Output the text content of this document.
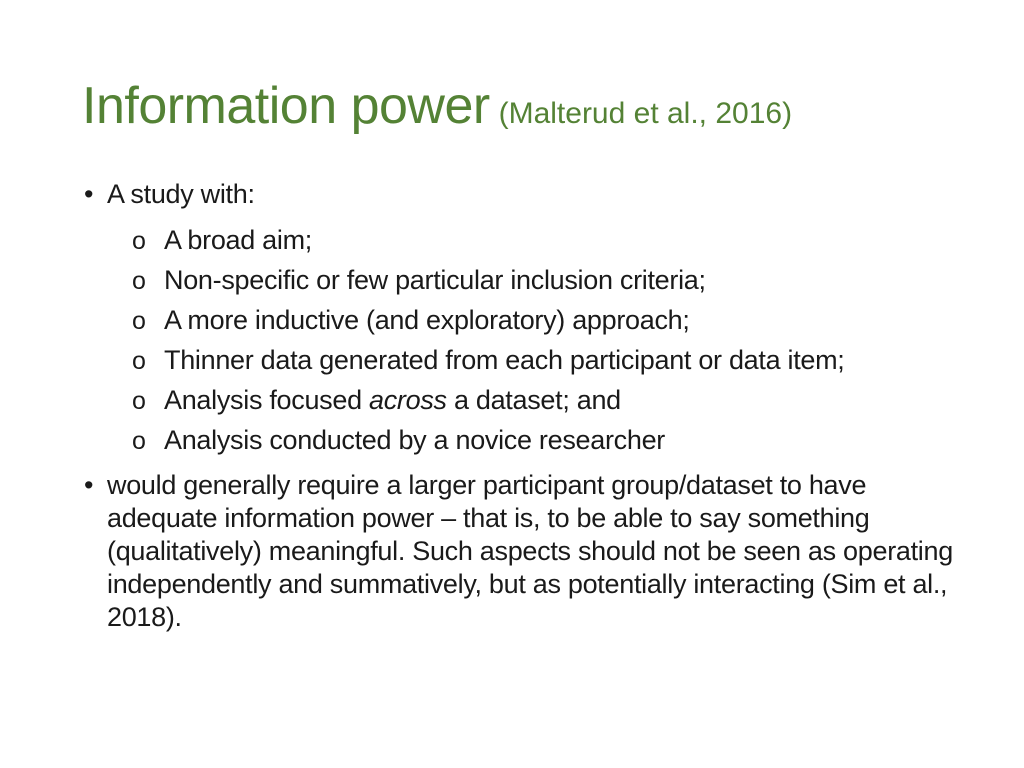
Information power (Malterud et al., 2016)
• A study with:
o A broad aim;
o Non-specific or few particular inclusion criteria;
o A more inductive (and exploratory) approach;
o Thinner data generated from each participant or data item;
o Analysis focused across a dataset; and
o Analysis conducted by a novice researcher
• would generally require a larger participant group/dataset to have adequate information power – that is, to be able to say something (qualitatively) meaningful. Such aspects should not be seen as operating independently and summatively, but as potentially interacting (Sim et al., 2018).
